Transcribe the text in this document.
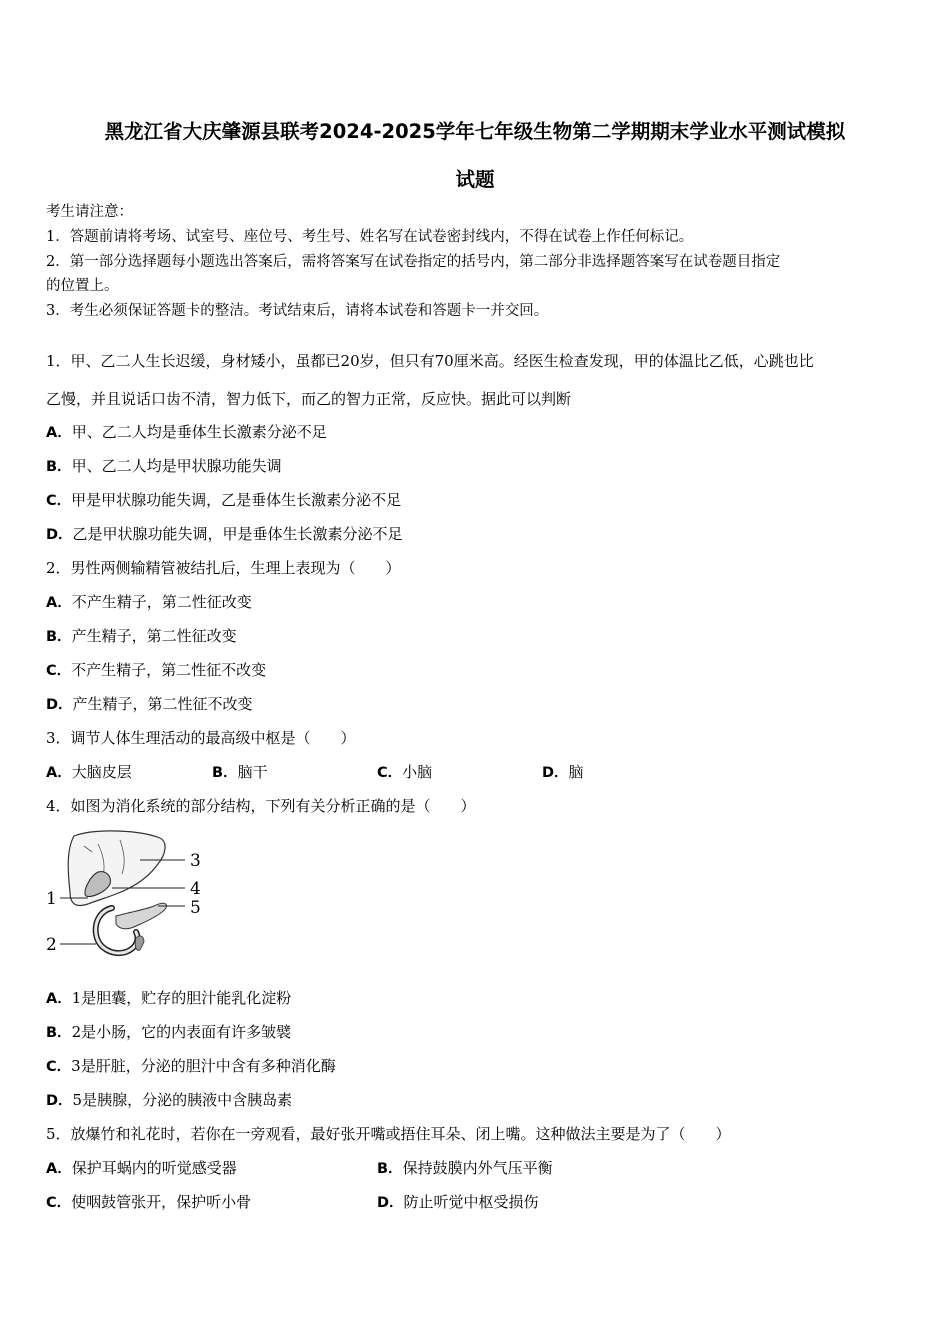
黑龙江省大庆肇源县联考2024-2025学年七年级生物第二学期期末学业水平测试模拟
试题
考生请注意：
1．答题前请将考场、试室号、座位号、考生号、姓名写在试卷密封线内，不得在试卷上作任何标记。
2．第一部分选择题每小题选出答案后，需将答案写在试卷指定的括号内，第二部分非选择题答案写在试卷题目指定
的位置上。
3．考生必须保证答题卡的整洁。考试结束后，请将本试卷和答题卡一并交回。
1．甲、乙二人生长迟缓，身材矮小，虽都已20岁，但只有70厘米高。经医生检查发现，甲的体温比乙低，心跳也比
乙慢，并且说话口齿不清，智力低下，而乙的智力正常，反应快。据此可以判断
A．甲、乙二人均是垂体生长激素分泌不足
B．甲、乙二人均是甲状腺功能失调
C．甲是甲状腺功能失调，乙是垂体生长激素分泌不足
D．乙是甲状腺功能失调，甲是垂体生长激素分泌不足
2．男性两侧输精管被结扎后，生理上表现为（　　）
A．不产生精子，第二性征改变
B．产生精子，第二性征改变
C．不产生精子，第二性征不改变
D．产生精子，第二性征不改变
3．调节人体生理活动的最高级中枢是（　　）
A．大脑皮层	B．脑干	C．小脑	D．脑
4．如图为消化系统的部分结构，下列有关分析正确的是（　　）
3
4
1	5
2
A．1是胆囊，贮存的胆汁能乳化淀粉
B．2是小肠，它的内表面有许多皱襞
C．3是肝脏，分泌的胆汁中含有多种消化酶
D．5是胰腺，分泌的胰液中含胰岛素
5．放爆竹和礼花时，若你在一旁观看，最好张开嘴或捂住耳朵、闭上嘴。这种做法主要是为了（　　）
A．保护耳蜗内的听觉感受器	B．保持鼓膜内外气压平衡
C．使咽鼓管张开，保护听小骨	D．防止听觉中枢受损伤
